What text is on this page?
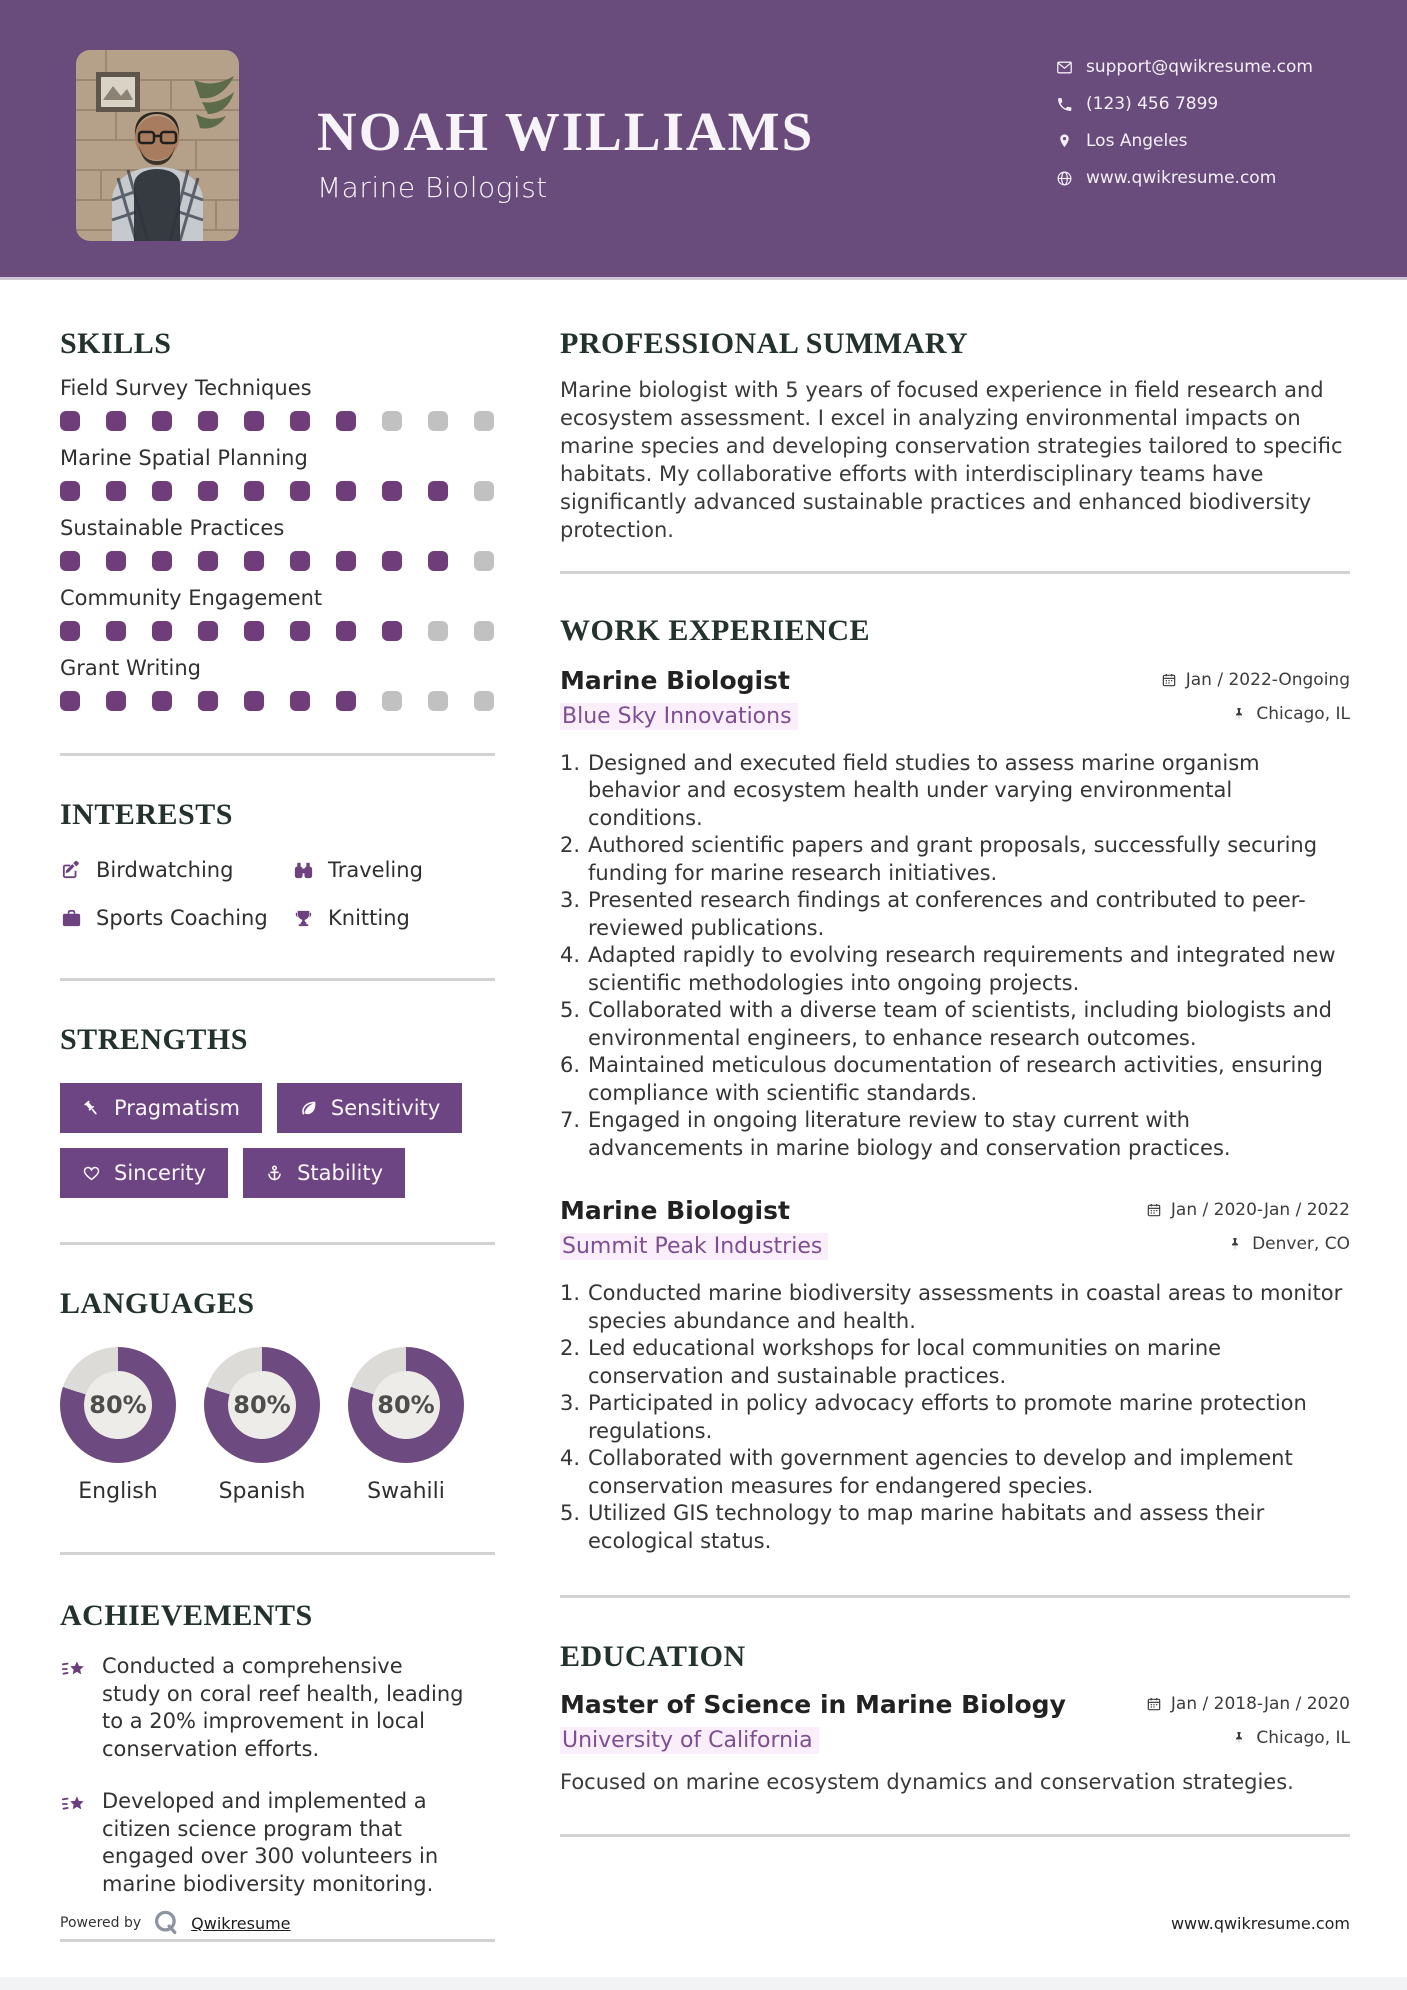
NOAH WILLIAMS
Marine Biologist
support@qwikresume.com
(123) 456 7899
Los Angeles
www.qwikresume.com
SKILLS
Field Survey Techniques
Marine Spatial Planning
Sustainable Practices
Community Engagement
Grant Writing
INTERESTS
Birdwatching	Traveling
Sports Coaching	Knitting
STRENGTHS
Pragmatism	Sensitivity
Sincerity	Stability
LANGUAGES
80%
English
80%
Spanish
80%
Swahili
ACHIEVEMENTS
Conducted a comprehensive study on coral reef health, leading to a 20% improvement in local conservation efforts.
Developed and implemented a citizen science program that engaged over 300 volunteers in marine biodiversity monitoring.
PROFESSIONAL SUMMARY

Marine biologist with 5 years of focused experience in field research and ecosystem assessment. I excel in analyzing environmental impacts on marine species and developing conservation strategies tailored to specific habitats. My collaborative efforts with interdisciplinary teams have significantly advanced sustainable practices and enhanced biodiversity protection.

WORK EXPERIENCE
Marine Biologist
Blue Sky Innovations
Jan / 2022-Ongoing
Chicago, IL
Designed and executed field studies to assess marine organism behavior and ecosystem health under varying environmental conditions.
Authored scientific papers and grant proposals, successfully securing funding for marine research initiatives.
Presented research findings at conferences and contributed to peer-reviewed publications.
Adapted rapidly to evolving research requirements and integrated new scientific methodologies into ongoing projects.
Collaborated with a diverse team of scientists, including biologists and environmental engineers, to enhance research outcomes.
Maintained meticulous documentation of research activities, ensuring compliance with scientific standards.
Engaged in ongoing literature review to stay current with advancements in marine biology and conservation practices.
Marine Biologist
Summit Peak Industries
Jan / 2020-Jan / 2022
Denver, CO
Conducted marine biodiversity assessments in coastal areas to monitor species abundance and health.
Led educational workshops for local communities on marine conservation and sustainable practices.
Participated in policy advocacy efforts to promote marine protection regulations.
Collaborated with government agencies to develop and implement conservation measures for endangered species.
Utilized GIS technology to map marine habitats and assess their ecological status.
EDUCATION
Master of Science in Marine Biology
University of California
Jan / 2018-Jan / 2020
Chicago, IL
Focused on marine ecosystem dynamics and conservation strategies.
Powered by	Qwikresume	www.qwikresume.com
